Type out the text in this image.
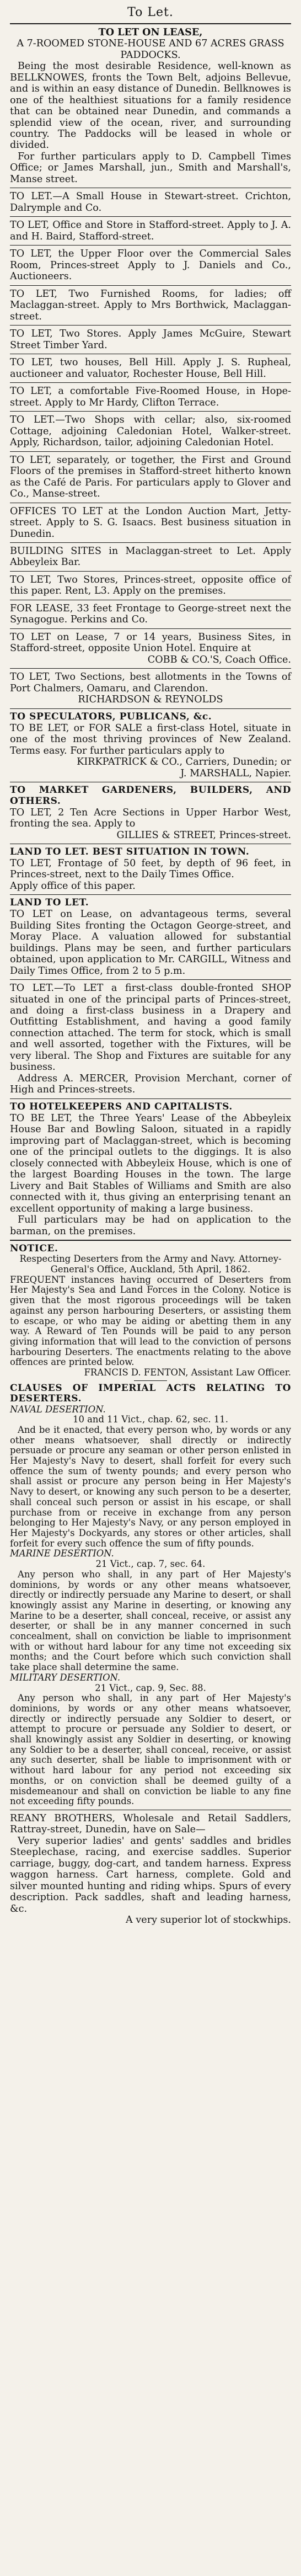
To Let.

TO LET ON LEASE,

A 7-ROOMED STONE-HOUSE AND 67 ACRES GRASS PADDOCKS.

Being the most desirable Residence, well-known as BELLKNOWES, fronts the Town Belt, adjoins Bellevue, and is within an easy distance of Dunedin. Bellknowes is one of the healthiest situations for a family residence that can be obtained near Dunedin, and commands a splendid view of the ocean, river, and surrounding country. The Paddocks will be leased in whole or divided.

For further particulars apply to D. Campbell Times Office; or James Marshall, jun., Smith and Marshall's, Manse street.

TO LET.—A Small House in Stewart-street. Crichton, Dalrymple and Co.

TO LET, Office and Store in Stafford-street. Apply to J. A. and H. Baird, Stafford-street.

TO LET, the Upper Floor over the Commercial Sales Room, Princes-street Apply to J. Daniels and Co., Auctioneers.

TO LET, Two Furnished Rooms, for ladies; off Maclaggan-street. Apply to Mrs Borthwick, Maclaggan-street.

TO LET, Two Stores. Apply James McGuire, Stewart Street Timber Yard.

TO LET, two houses, Bell Hill. Apply J. S. Rupheal, auctioneer and valuator, Rochester House, Bell Hill.

TO LET, a comfortable Five-Roomed House, in Hope-street. Apply to Mr Hardy, Clifton Terrace.

TO LET.—Two Shops with cellar; also, six-roomed Cottage, adjoining Caledonian Hotel, Walker-street. Apply, Richardson, tailor, adjoining Caledonian Hotel.

TO LET, separately, or together, the First and Ground Floors of the premises in Stafford-street hitherto known as the Café de Paris. For particulars apply to Glover and Co., Manse-street.

OFFICES TO LET at the London Auction Mart, Jetty-street. Apply to S. G. Isaacs. Best business situation in Dunedin.

BUILDING SITES in Maclaggan-street to Let. Apply Abbeyleix Bar.

TO LET, Two Stores, Princes-street, opposite office of this paper. Rent, L3. Apply on the premises.

FOR LEASE, 33 feet Frontage to George-street next the Synagogue. Perkins and Co.

TO LET on Lease, 7 or 14 years, Business Sites, in Stafford-street, opposite Union Hotel. Enquire at

COBB & CO.'S, Coach Office.

TO LET, Two Sections, best allotments in the Towns of Port Chalmers, Oamaru, and Clarendon.

RICHARDSON & REYNOLDS

TO SPECULATORS, PUBLICANS, &c.

TO BE LET, or FOR SALE a first-class Hotel, situate in one of the most thriving provinces of New Zealand. Terms easy. For further particulars apply to

KIRKPATRICK & CO., Carriers, Dunedin; or

J. MARSHALL, Napier.

TO MARKET GARDENERS, BUILDERS, AND OTHERS.

TO LET, 2 Ten Acre Sections in Upper Harbor West, fronting the sea. Apply to

GILLIES & STREET, Princes-street.

LAND TO LET. BEST SITUATION IN TOWN.

TO LET, Frontage of 50 feet, by depth of 96 feet, in Princes-street, next to the Daily Times Office.

Apply office of this paper.

LAND TO LET.

TO LET on Lease, on advantageous terms, several Building Sites fronting the Octagon George-street, and Moray Place. A valuation allowed for substantial buildings. Plans may be seen, and further particulars obtained, upon application to Mr. CARGILL, Witness and Daily Times Office, from 2 to 5 p.m.

TO LET.—To LET a first-class double-fronted SHOP situated in one of the principal parts of Princes-street, and doing a first-class business in a Drapery and Outfitting Establishment, and having a good family connection attached. The term for stock, which is small and well assorted, together with the Fixtures, will be very liberal. The Shop and Fixtures are suitable for any business.

Address A. MERCER, Provision Merchant, corner of High and Princes-streets.

TO HOTELKEEPERS AND CAPITALISTS.

TO BE LET, the Three Years' Lease of the Abbeyleix House Bar and Bowling Saloon, situated in a rapidly improving part of Maclaggan-street, which is becoming one of the principal outlets to the diggings. It is also closely connected with Abbeyleix House, which is one of the largest Boarding Houses in the town. The large Livery and Bait Stables of Williams and Smith are also connected with it, thus giving an enterprising tenant an excellent opportunity of making a large business.

Full particulars may be had on application to the barman, on the premises.

NOTICE.

Respecting Deserters from the Army and Navy. Attorney-General's Office, Auckland, 5th April, 1862.

FREQUENT instances having occurred of Deserters from Her Majesty's Sea and Land Forces in the Colony. Notice is given that the most rigorous proceedings will be taken against any person harbouring Deserters, or assisting them to escape, or who may be aiding or abetting them in any way. A Reward of Ten Pounds will be paid to any person giving information that will lead to the conviction of persons harbouring Deserters. The enactments relating to the above offences are printed below.

FRANCIS D. FENTON, Assistant Law Officer.

CLAUSES OF IMPERIAL ACTS RELATING TO DESERTERS.

NAVAL DESERTION.

10 and 11 Vict., chap. 62, sec. 11.

And be it enacted, that every person who, by words or any other means whatsoever, shall directly or indirectly persuade or procure any seaman or other person enlisted in Her Majesty's Navy to desert, shall forfeit for every such offence the sum of twenty pounds; and every person who shall assist or procure any person being in Her Majesty's Navy to desert, or knowing any such person to be a deserter, shall conceal such person or assist in his escape, or shall purchase from or receive in exchange from any person belonging to Her Majesty's Navy, or any person employed in Her Majesty's Dockyards, any stores or other articles, shall forfeit for every such offence the sum of fifty pounds.

MARINE DESERTION.

21 Vict., cap. 7, sec. 64.

Any person who shall, in any part of Her Majesty's dominions, by words or any other means whatsoever, directly or indirectly persuade any Marine to desert, or shall knowingly assist any Marine in deserting, or knowing any Marine to be a deserter, shall conceal, receive, or assist any deserter, or shall be in any manner concerned in such concealment, shall on conviction be liable to imprisonment with or without hard labour for any time not exceeding six months; and the Court before which such conviction shall take place shall determine the same.

MILITARY DESERTION.

21 Vict., cap. 9, Sec. 88.

Any person who shall, in any part of Her Majesty's dominions, by words or any other means whatsoever, directly or indirectly persuade any Soldier to desert, or attempt to procure or persuade any Soldier to desert, or shall knowingly assist any Soldier in deserting, or knowing any Soldier to be a deserter, shall conceal, receive, or assist any such deserter, shall be liable to imprisonment with or without hard labour for any period not exceeding six months, or on conviction shall be deemed guilty of a misdemeanour and shall on conviction be liable to any fine not exceeding fifty pounds.

REANY BROTHERS, Wholesale and Retail Saddlers, Rattray-street, Dunedin, have on Sale—

Very superior ladies' and gents' saddles and bridles Steeplechase, racing, and exercise saddles. Superior carriage, buggy, dog-cart, and tandem harness. Express waggon harness. Cart harness, complete. Gold and silver mounted hunting and riding whips. Spurs of every description. Pack saddles, shaft and leading harness, &c.

A very superior lot of stockwhips.
